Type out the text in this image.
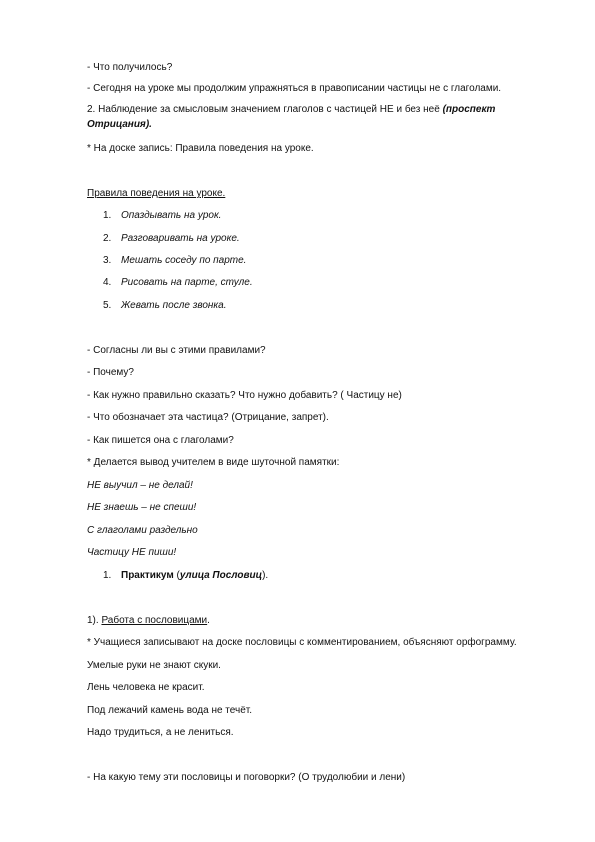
- Что получилось?
- Сегодня на уроке мы продолжим упражняться в правописании частицы не с глаголами.
2. Наблюдение за смысловым значением глаголов с частицей НЕ и без неё (проспект
Отрицания).
* На доске запись: Правила поведения на уроке.
Правила поведения на уроке.
1. Опаздывать на урок.
2. Разговаривать на уроке.
3. Мешать соседу по парте.
4. Рисовать на парте, стуле.
5. Жевать после звонка.
- Согласны ли вы с этими правилами?
- Почему?
- Как нужно правильно сказать? Что нужно добавить? ( Частицу не)
- Что обозначает эта частица? (Отрицание, запрет).
- Как пишется она с глаголами?
* Делается вывод учителем в виде шуточной памятки:
НЕ выучил – не делай!
НЕ знаешь – не спеши!
С глаголами раздельно
Частицу НЕ пиши!
1. Практикум (улица Пословиц).
1). Работа с пословицами.
* Учащиеся записывают на доске пословицы с комментированием, объясняют орфограмму.
Умелые руки не знают скуки.
Лень человека не красит.
Под лежачий камень вода не течёт.
Надо трудиться, а не лениться.
- На какую тему эти пословицы и поговорки? (О трудолюбии и лени)
